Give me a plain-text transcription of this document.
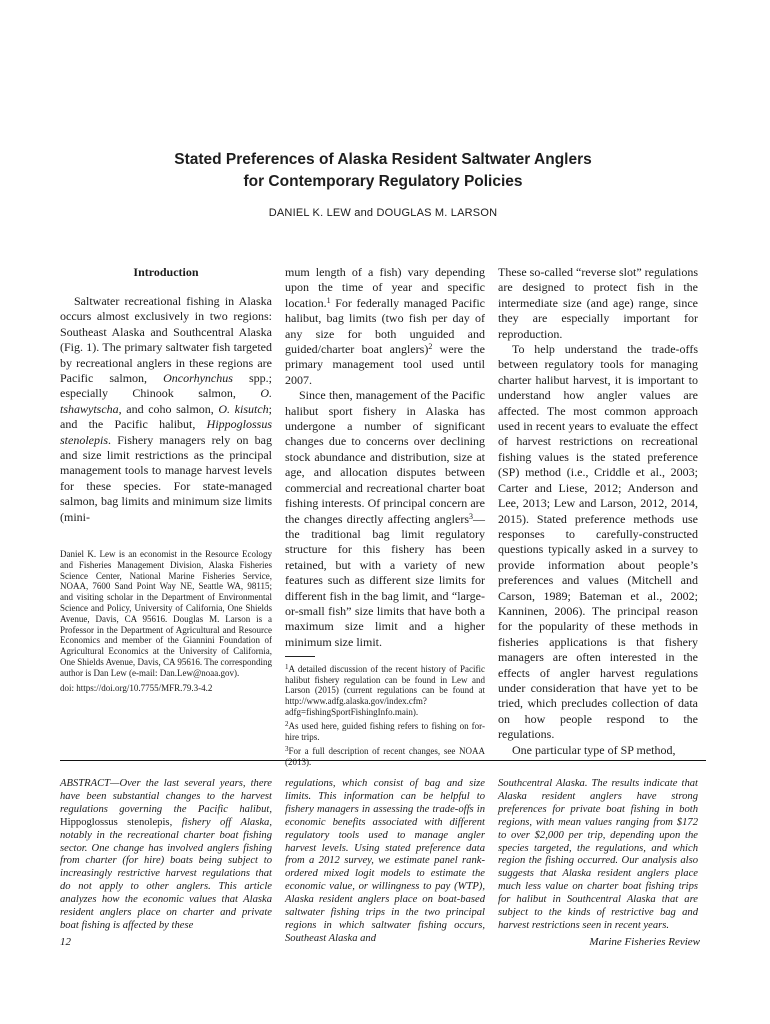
Stated Preferences of Alaska Resident Saltwater Anglers
for Contemporary Regulatory Policies
DANIEL K. LEW and DOUGLAS M. LARSON
Introduction

Saltwater recreational fishing in Alaska occurs almost exclusively in two regions: Southeast Alaska and Southcentral Alaska (Fig. 1). The primary saltwater fish targeted by recreational anglers in these regions are Pacific salmon, Oncorhynchus spp.; especially Chinook salmon, O. tshawytscha, and coho salmon, O. kisutch; and the Pacific halibut, Hippoglossus stenolepis. Fishery managers rely on bag and size limit restrictions as the principal management tools to manage harvest levels for these species. For state-managed salmon, bag limits and minimum size limits (mini-

Daniel K. Lew is an economist in the Resource Ecology and Fisheries Management Division, Alaska Fisheries Science Center, National Marine Fisheries Service, NOAA, 7600 Sand Point Way NE, Seattle WA, 98115; and visiting scholar in the Department of Environmental Science and Policy, University of California, One Shields Avenue, Davis, CA 95616. Douglas M. Larson is a Professor in the Department of Agricultural and Resource Economics and member of the Giannini Foundation of Agricultural Economics at the University of California, One Shields Avenue, Davis, CA 95616. The corresponding author is Dan Lew (e-mail: Dan.Lew@noaa.gov).

doi: https://doi.org/10.7755/MFR.79.3-4.2

mum length of a fish) vary depending upon the time of year and specific location.$^1$ For federally managed Pacific halibut, bag limits (two fish per day of any size for both unguided and guided/charter boat anglers)$^2$ were the primary management tool used until 2007.

Since then, management of the Pacific halibut sport fishery in Alaska has undergone a number of significant changes due to concerns over declining stock abundance and distribution, size at age, and allocation disputes between commercial and recreational charter boat fishing interests. Of principal concern are the changes directly affecting anglers$^3$—the traditional bag limit regulatory structure for this fishery has been retained, but with a variety of new features such as different size limits for different fish in the bag limit, and “large-or-small fish” size limits that have both a maximum size limit and a higher minimum size limit.

$^1$A detailed discussion of the recent history of Pacific halibut fishery regulation can be found in Lew and Larson (2015) (current regulations can be found at http://www.adfg.alaska.gov/index.cfm?adfg=fishingSportFishingInfo.main).

$^2$As used here, guided fishing refers to fishing on for-hire trips.

$^3$For a full description of recent changes, see NOAA (2013).

These so-called “reverse slot” regulations are designed to protect fish in the intermediate size (and age) range, since they are especially important for reproduction.

To help understand the trade-offs between regulatory tools for managing charter halibut harvest, it is important to understand how angler values are affected. The most common approach used in recent years to evaluate the effect of harvest restrictions on recreational fishing values is the stated preference (SP) method (i.e., Criddle et al., 2003; Carter and Liese, 2012; Anderson and Lee, 2013; Lew and Larson, 2012, 2014, 2015). Stated preference methods use responses to carefully-constructed questions typically asked in a survey to provide information about people’s preferences and values (Mitchell and Carson, 1989; Bateman et al., 2002; Kanninen, 2006). The principal reason for the popularity of these methods in fisheries applications is that fishery managers are often interested in the effects of angler harvest regulations under consideration that have yet to be tried, which precludes collection of data on how people respond to the regulations.

One particular type of SP method,

ABSTRACT—Over the last several years, there have been substantial changes to the harvest regulations governing the Pacific halibut, Hippoglossus stenolepis, fishery off Alaska, notably in the recreational charter boat fishing sector. One change has involved anglers fishing from charter (for hire) boats being subject to increasingly restrictive harvest regulations that do not apply to other anglers. This article analyzes how the economic values that Alaska resident anglers place on charter and private boat fishing is affected by these
regulations, which consist of bag and size limits. This information can be helpful to fishery managers in assessing the trade-offs in economic benefits associated with different regulatory tools used to manage angler harvest levels. Using stated preference data from a 2012 survey, we estimate panel rank-ordered mixed logit models to estimate the economic value, or willingness to pay (WTP), Alaska resident anglers place on boat-based saltwater fishing trips in the two principal regions in which saltwater fishing occurs, Southeast Alaska and
Southcentral Alaska. The results indicate that Alaska resident anglers have strong preferences for private boat fishing in both regions, with mean values ranging from $172 to over $2,000 per trip, depending upon the species targeted, the regulations, and which region the fishing occurred. Our analysis also suggests that Alaska resident anglers place much less value on charter boat fishing trips for halibut in Southcentral Alaska that are subject to the kinds of restrictive bag and harvest restrictions seen in recent years.
12	Marine Fisheries Review
